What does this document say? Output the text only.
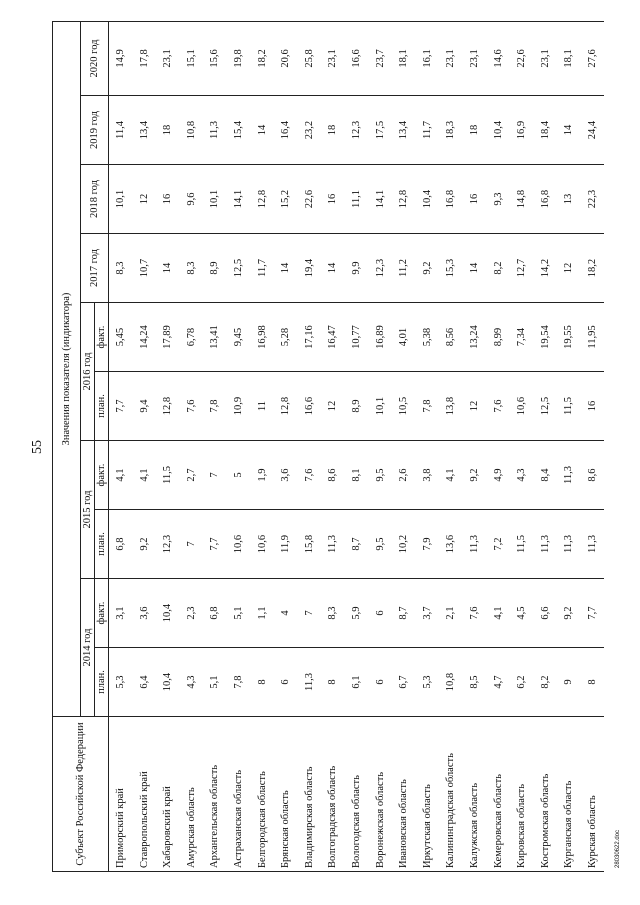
55
Субъект Российской Федерации	Значения показателя (индикатора)									
	2014 год		2015 год		2016 год		2017 год	2018 год	2019 год	2020 год
	план.	факт.	план.	факт.	план.	факт.				
Приморский край	5,3	3,1	6,8	4,1	7,7	5,45	8,3	10,1	11,4	14,9
Ставропольский край	6,4	3,6	9,2	4,1	9,4	14,24	10,7	12	13,4	17,8
Хабаровский край	10,4	10,4	12,3	11,5	12,8	17,89	14	16	18	23,1
Амурская область	4,3	2,3	7	2,7	7,6	6,78	8,3	9,6	10,8	15,1
Архангельская область	5,1	6,8	7,7	7	7,8	13,41	8,9	10,1	11,3	15,6
Астраханская область	7,8	5,1	10,6	5	10,9	9,45	12,5	14,1	15,4	19,8
Белгородская область	8	1,1	10,6	1,9	11	16,98	11,7	12,8	14	18,2
Брянская область	6	4	11,9	3,6	12,8	5,28	14	15,2	16,4	20,6
Владимирская область	11,3	7	15,8	7,6	16,6	17,16	19,4	22,6	23,2	25,8
Волгоградская область	8	8,3	11,3	8,6	12	16,47	14	16	18	23,1
Вологодская область	6,1	5,9	8,7	8,1	8,9	10,77	9,9	11,1	12,3	16,6
Воронежская область	6	6	9,5	9,5	10,1	16,89	12,3	14,1	17,5	23,7
Ивановская область	6,7	8,7	10,2	2,6	10,5	4,01	11,2	12,8	13,4	18,1
Иркутская область	5,3	3,7	7,9	3,8	7,8	5,38	9,2	10,4	11,7	16,1
Калининградская область	10,8	2,1	13,6	4,1	13,8	8,56	15,3	16,8	18,3	23,1
Калужская область	8,5	7,6	11,3	9,2	12	13,24	14	16	18	23,1
Кемеровская область	4,7	4,1	7,2	4,9	7,6	8,99	8,2	9,3	10,4	14,6
Кировская область	6,2	4,5	11,5	4,3	10,6	7,34	12,7	14,8	16,9	22,6
Костромская область	8,2	6,6	11,3	8,4	12,5	19,54	14,2	16,8	18,4	23,1
Курганская область	9	9,2	11,3	11,3	11,5	19,55	12	13	14	18,1
Курская область	8	7,7	11,3	8,6	16	11,95	18,2	22,3	24,4	27,6
28030622.doc
